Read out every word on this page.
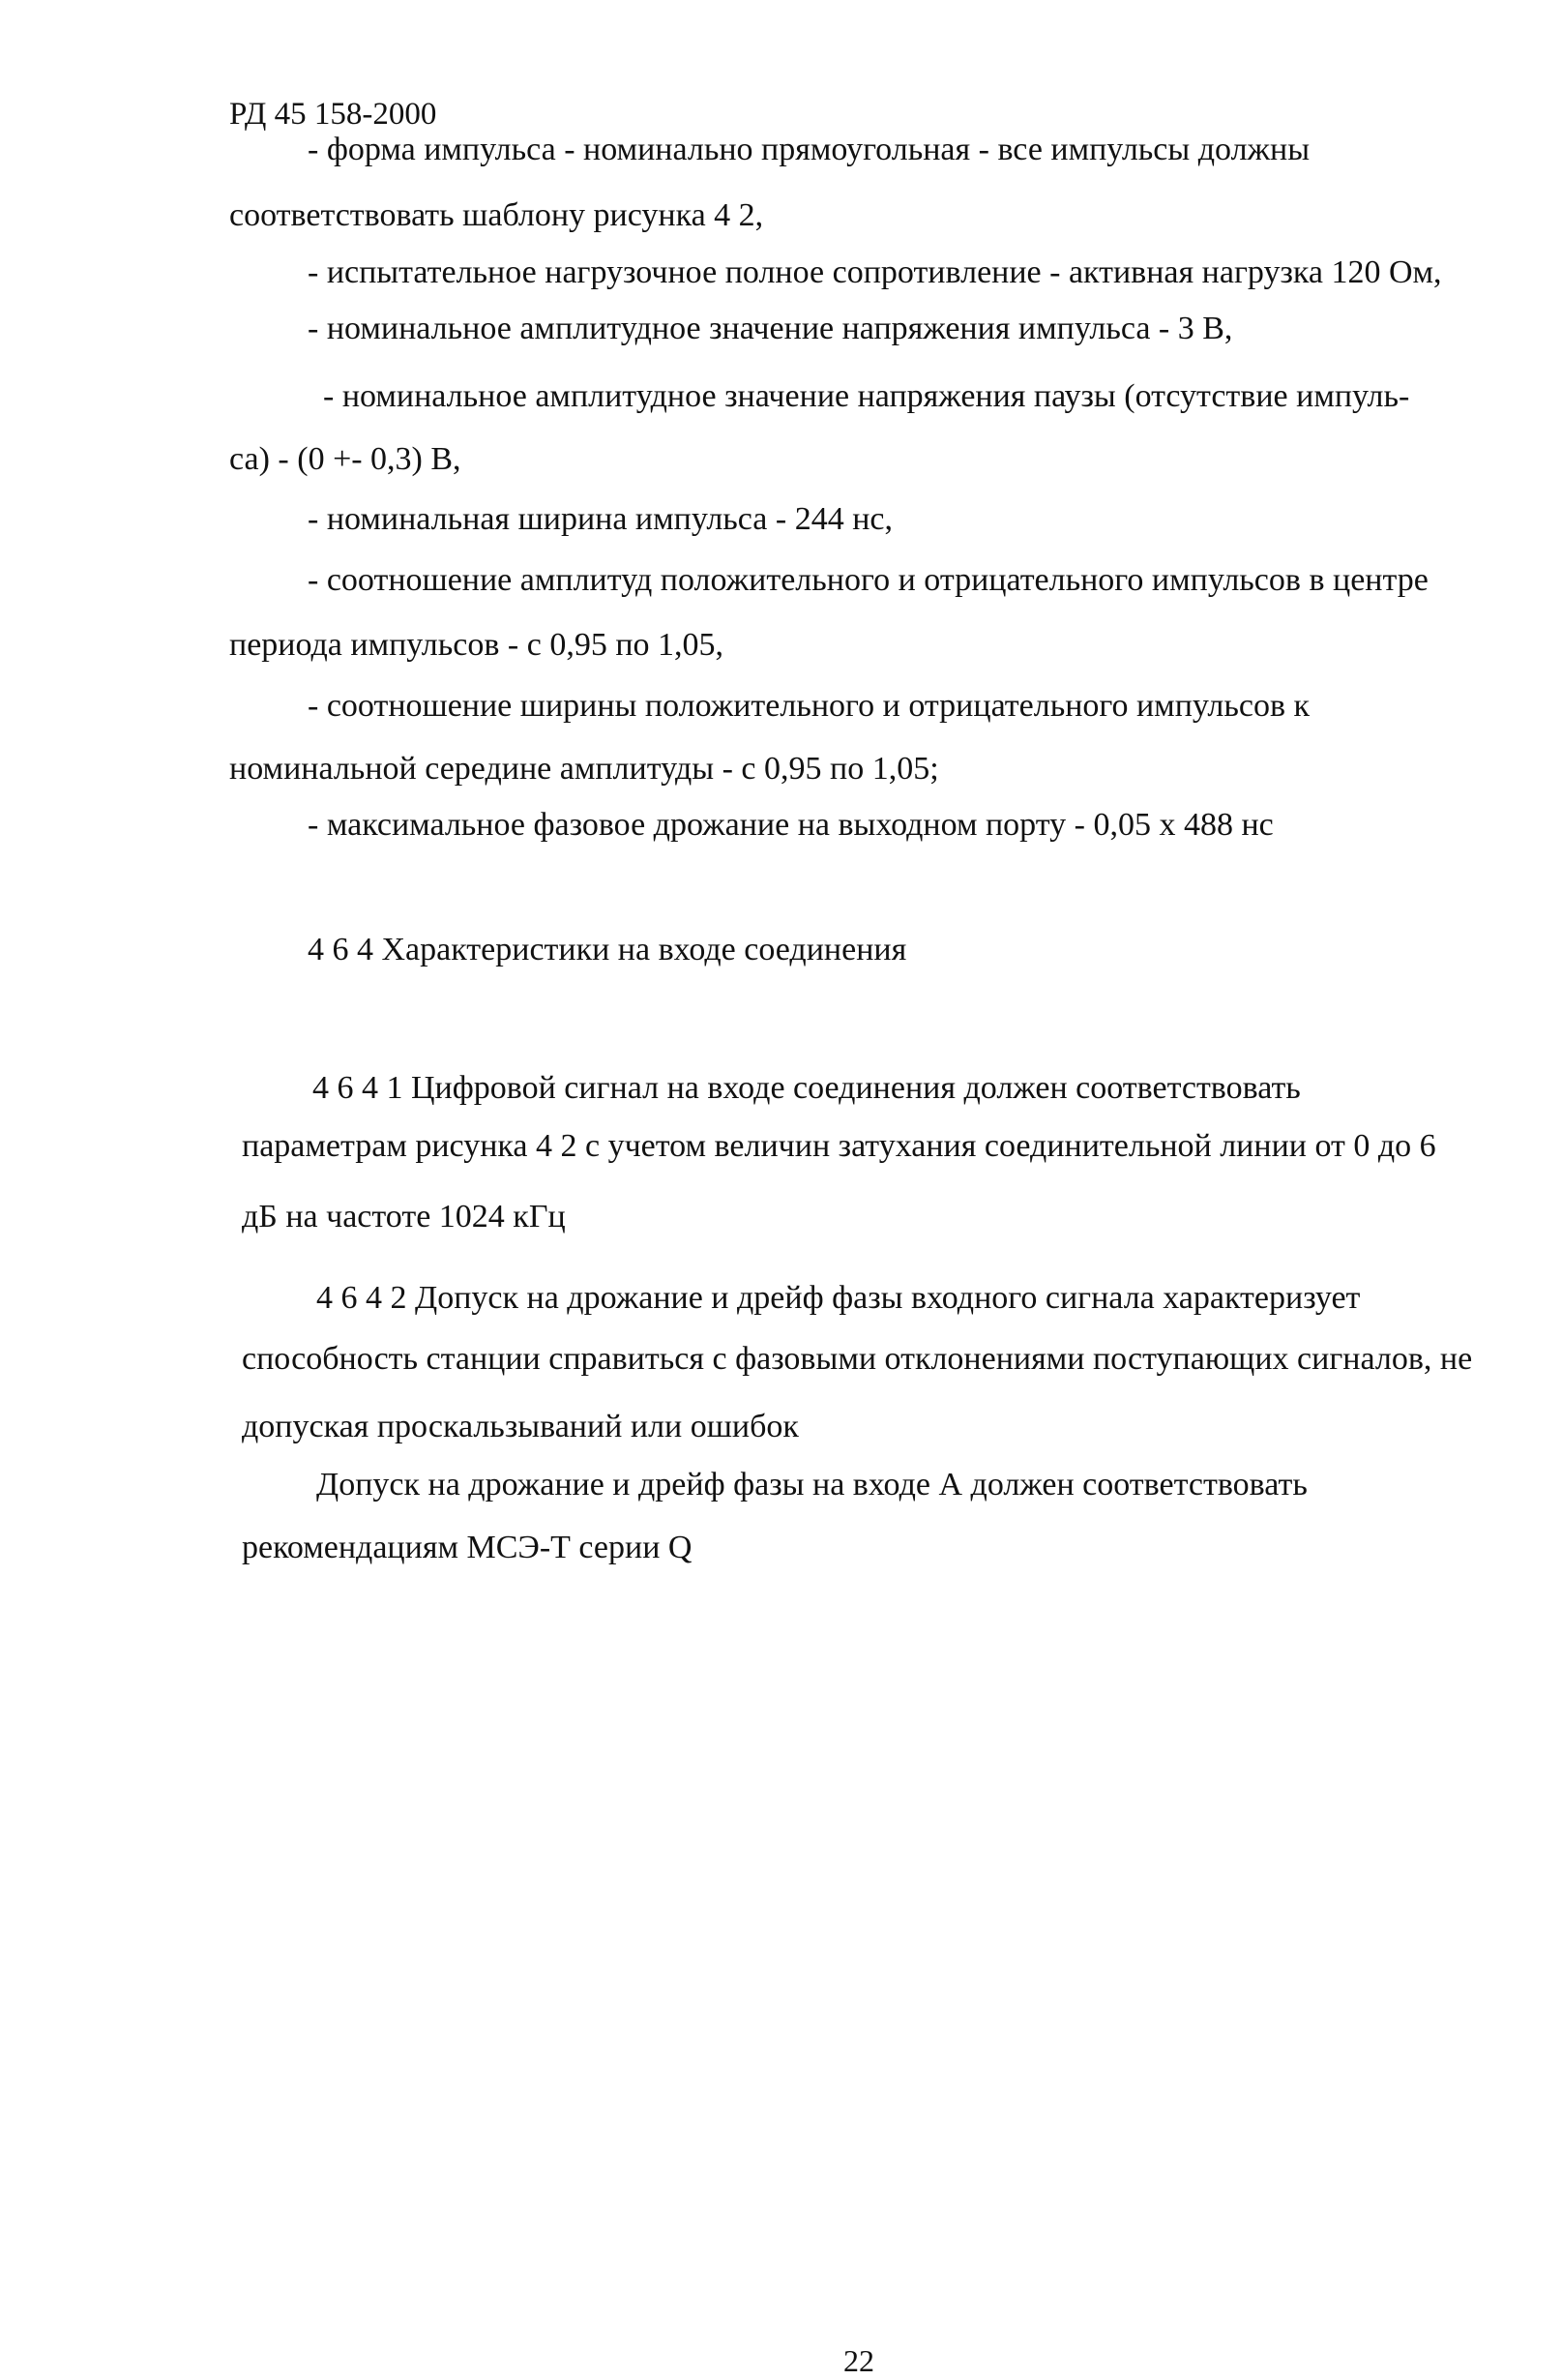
РД 45 158-2000
- форма импульса - номинально прямоугольная - все импульсы должны
соответствовать шаблону рисунка 4 2,
- испытательное нагрузочное полное сопротивление - активная нагрузка 120 Ом,
- номинальное амплитудное значение напряжения импульса - 3 В,
- номинальное амплитудное значение напряжения паузы (отсутствие импуль-
са) - (0 +- 0,3) В,
- номинальная ширина импульса - 244 нс,
- соотношение амплитуд положительного и отрицательного импульсов в центре
периода импульсов - с 0,95 по 1,05,
- соотношение ширины положительного и отрицательного импульсов к
номинальной середине амплитуды - с 0,95 по 1,05;
- максимальное фазовое дрожание на выходном порту - 0,05 х 488 нс
4 6 4 Характеристики на входе соединения
4 6 4 1 Цифровой сигнал на входе соединения должен соответствовать
параметрам рисунка 4 2 с учетом величин затухания соединительной линии от 0 до 6
дБ на частоте 1024 кГц
4 6 4 2 Допуск на дрожание и дрейф фазы входного сигнала характеризует
способность станции справиться с фазовыми отклонениями поступающих сигналов, не
допуская проскальзываний или ошибок
Допуск на дрожание и дрейф фазы на входе А должен соответствовать
рекомендациям МСЭ-Т серии Q
22
